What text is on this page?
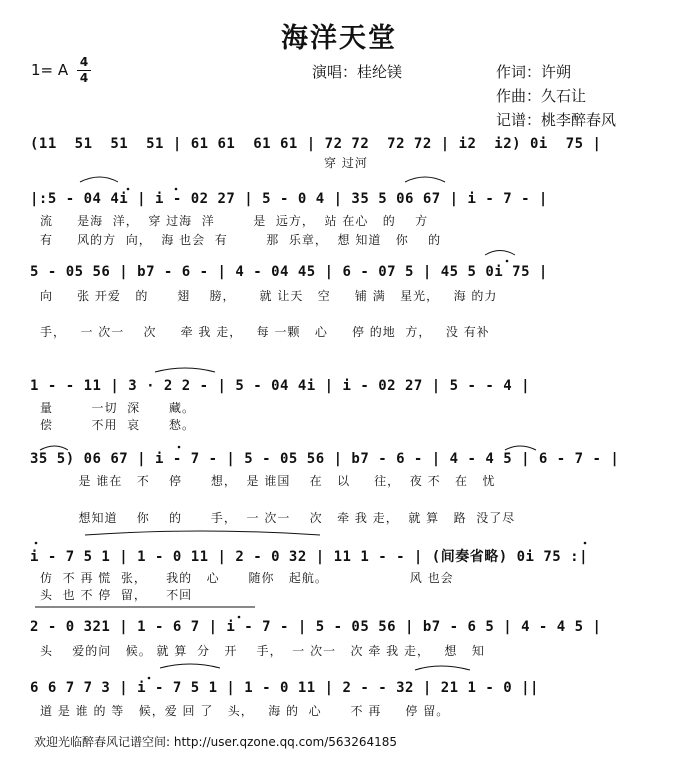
海洋天堂
1= A 4
4	演唱：桂纶镁	作词：许朔
作曲：久石让
记谱：桃李醉春风
(11  51  51  51 | 61 61  61 61 | 72 72  72 72 | i2  i2) 0i  75 |
穿 过河
|:5 - 04 4i | i - 02 27 | 5 - 0 4 | 35 5 06 67 | i - 7 - |
流     是海  洋，  穿 过海  洋        是  远方，  站 在心   的    方
有     风的方  向，  海 也会  有        那  乐章，  想 知道   你    的
5 - 05 56 | b7 - 6 - | 4 - 04 45 | 6 - 07 5 | 45 5 0i 75 |
向     张 开爱   的      翅    膀，     就 让天   空     铺 满   星光，   海 的力
手，   一 次一    次     牵 我 走，   每 一颗   心     停 的地  方，   没 有补
1 - - 11 | 3 · 2 2 - | 5 - 04 4i | i - 02 27 | 5 - - 4 |
量        一切  深      藏。
偿        不用  哀      愁。
35 5) 06 67 | i - 7 - | 5 - 05 56 | b7 - 6 - | 4 - 4 5 | 6 - 7 - |
是 谁在   不    停      想，  是 谁国    在   以     往，  夜 不   在   忧
想知道    你    的      手，  一 次一    次   牵 我 走，  就 算   路  没了尽
i - 7 5 1 | 1 - 0 11 | 2 - 0 32 | 11 1 - - | (间奏省略) 0i 75 :|
仿  不 再 慌  张，    我的   心      随你   起航。                 风 也会
头  也 不 停  留，    不回
2 - 0 321 | 1 - 6 7 | i - 7 - | 5 - 05 56 | b7 - 6 5 | 4 - 4 5 |
头    爱的问   候。 就 算  分   开    手，  一 次一   次 牵 我 走，   想   知
6 6 7 7 3 | i - 7 5 1 | 1 - 0 11 | 2 - - 32 | 21 1 - 0 ||
道 是 谁 的 等   候，爱 回 了   头，   海 的  心      不 再     停 留。
欢迎光临醉春风记谱空间: http://user.qzone.qq.com/563264185
